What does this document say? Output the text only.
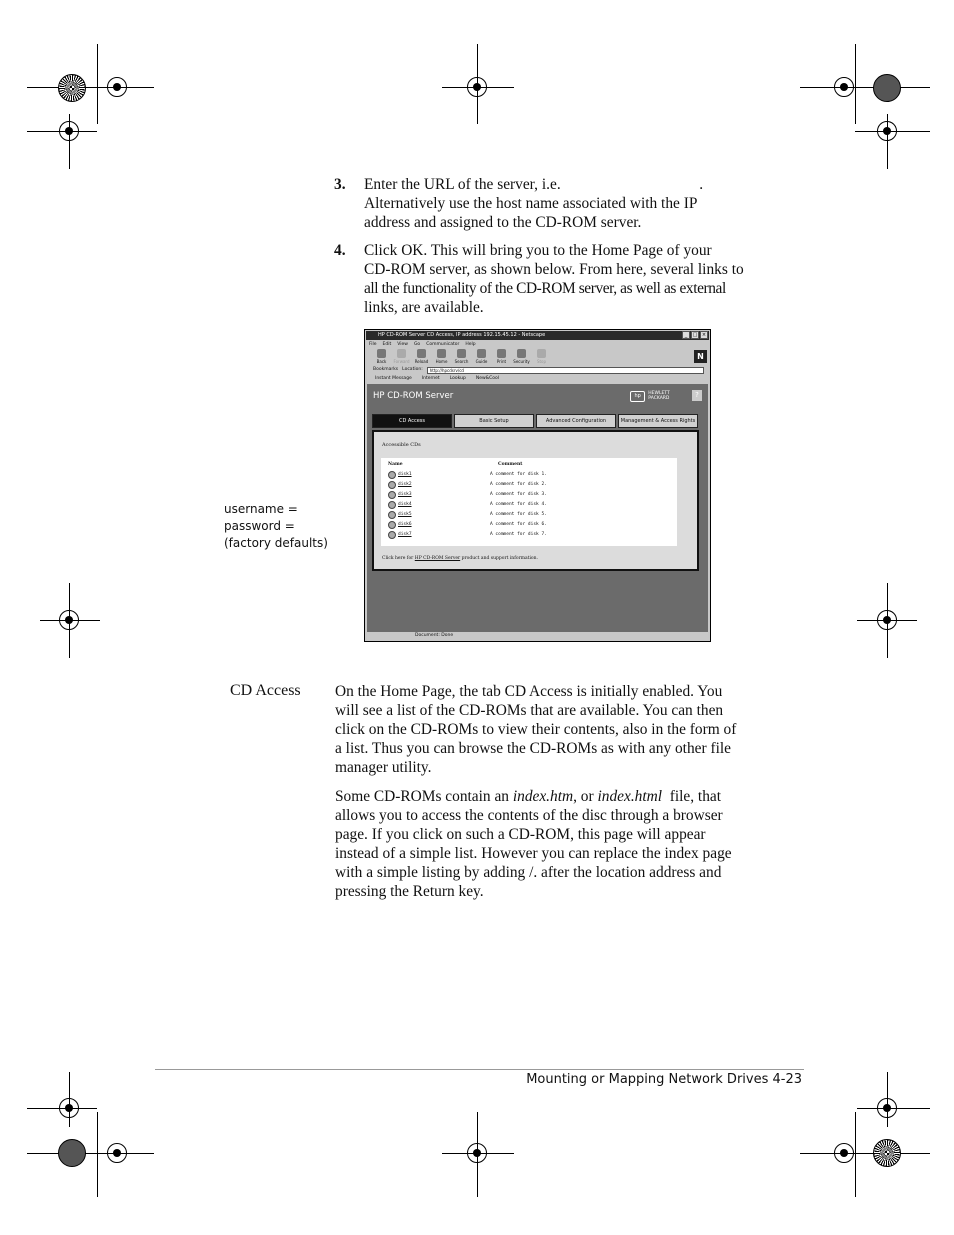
3. Enter the URL of the server, i.e.                                    .
Alternatively use the host name associated with the IP
address and assigned to the CD-ROM server.
4. Click OK. This will bring you to the Home Page of your
CD-ROM server, as shown below. From here, several links to
all the functionality of the CD-ROM server, as well as external
links, are available.
username =
password =
(factory defaults)
HP CD-ROM Server CD Access, IP address 192.15.45.12 - Netscape	_	□ ×
File Edit View Go Communicator Help
Back	Forward	Reload	Home	Search	Guide	Print	Security	Stop
N
Bookmarks Location:	http://hpcdsrv/cd
Instant Message Internet Lookup New&Cool
HP CD-ROM Server	hp	HEWLETT PACKARD	?
CD Access	Basic Setup	Advanced Configuration	Management & Access Rights
Accessible CDs
Name	Comment
disk1	A comment for disk 1.
disk2	A comment for disk 2.
disk3	A comment for disk 3.
disk4	A comment for disk 4.
disk5	A comment for disk 5.
disk6	A comment for disk 6.
disk7	A comment for disk 7.
Click here for HP CD-ROM Server product and support information.
Document: Done
CD Access On the Home Page, the tab CD Access is initially enabled. You
will see a list of the CD-ROMs that are available. You can then
click on the CD-ROMs to view their contents, also in the form of
a list. Thus you can browse the CD-ROMs as with any other file
manager utility.
Some CD-ROMs contain an index.htm, or index.html  file, that
allows you to access the contents of the disc through a browser
page. If you click on such a CD-ROM, this page will appear
instead of a simple list. However you can replace the index page
with a simple listing by adding /. after the location address and
pressing the Return key.
Mounting or Mapping Network Drives 4-23
